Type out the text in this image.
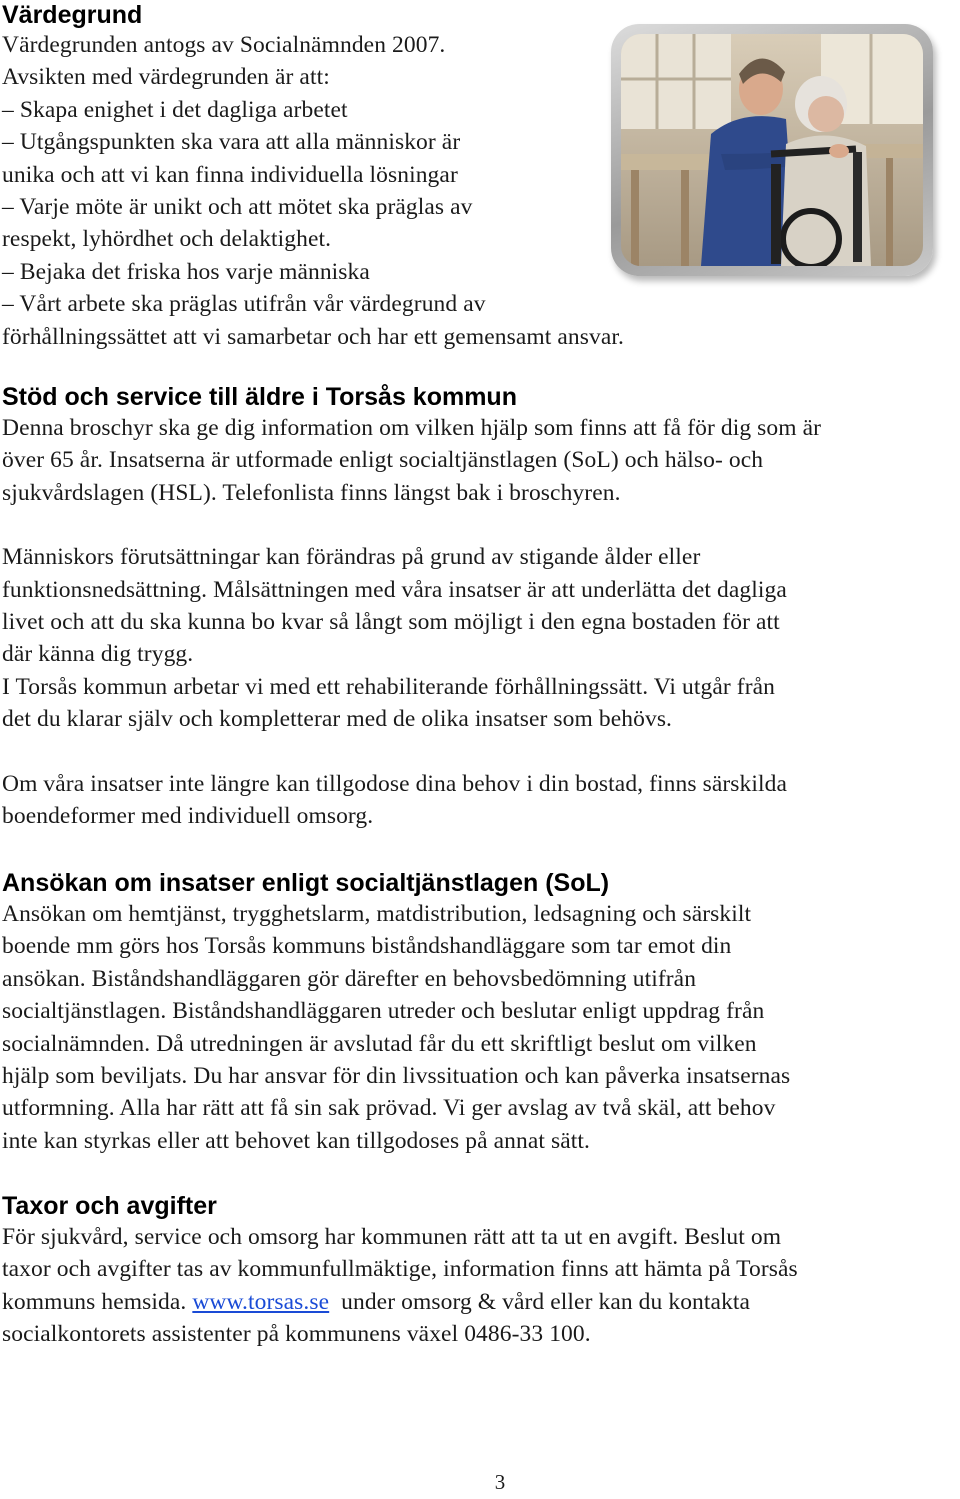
Värdegrund
Värdegrunden antogs av Socialnämnden 2007.
Avsikten med värdegrunden är att:
– Skapa enighet i det dagliga arbetet
– Utgångspunkten ska vara att alla människor är
unika och att vi kan finna individuella lösningar
– Varje möte är unikt och att mötet ska präglas av
respekt, lyhördhet och delaktighet.
– Bejaka det friska hos varje människa
– Vårt arbete ska präglas utifrån vår värdegrund av
förhållningssättet att vi samarbetar och har ett gemensamt ansvar.
Stöd och service till äldre i Torsås kommun
Denna broschyr ska ge dig information om vilken hjälp som finns att få för dig som är
över 65 år. Insatserna är utformade enligt socialtjänstlagen (SoL) och hälso- och
sjukvårdslagen (HSL). Telefonlista finns längst bak i broschyren.
Människors förutsättningar kan förändras på grund av stigande ålder eller
funktionsnedsättning. Målsättningen med våra insatser är att underlätta det dagliga
livet och att du ska kunna bo kvar så långt som möjligt i den egna bostaden för att
där känna dig trygg.
I Torsås kommun arbetar vi med ett rehabiliterande förhållningssätt. Vi utgår från
det du klarar själv och kompletterar med de olika insatser som behövs.
Om våra insatser inte längre kan tillgodose dina behov i din bostad, finns särskilda
boendeformer med individuell omsorg.
Ansökan om insatser enligt socialtjänstlagen (SoL)
Ansökan om hemtjänst, trygghetslarm, matdistribution, ledsagning och särskilt
boende mm görs hos Torsås kommuns biståndshandläggare som tar emot din
ansökan. Biståndshandläggaren gör därefter en behovsbedömning utifrån
socialtjänstlagen. Biståndshandläggaren utreder och beslutar enligt uppdrag från
socialnämnden. Då utredningen är avslutad får du ett skriftligt beslut om vilken
hjälp som beviljats. Du har ansvar för din livssituation och kan påverka insatsernas
utformning. Alla har rätt att få sin sak prövad. Vi ger avslag av två skäl, att behov
inte kan styrkas eller att behovet kan tillgodoses på annat sätt.
Taxor och avgifter
För sjukvård, service och omsorg har kommunen rätt att ta ut en avgift. Beslut om
taxor och avgifter tas av kommunfullmäktige, information finns att hämta på Torsås
kommuns hemsida. www.torsas.se  under omsorg & vård eller kan du kontakta
socialkontorets assistenter på kommunens växel 0486-33 100.
3
